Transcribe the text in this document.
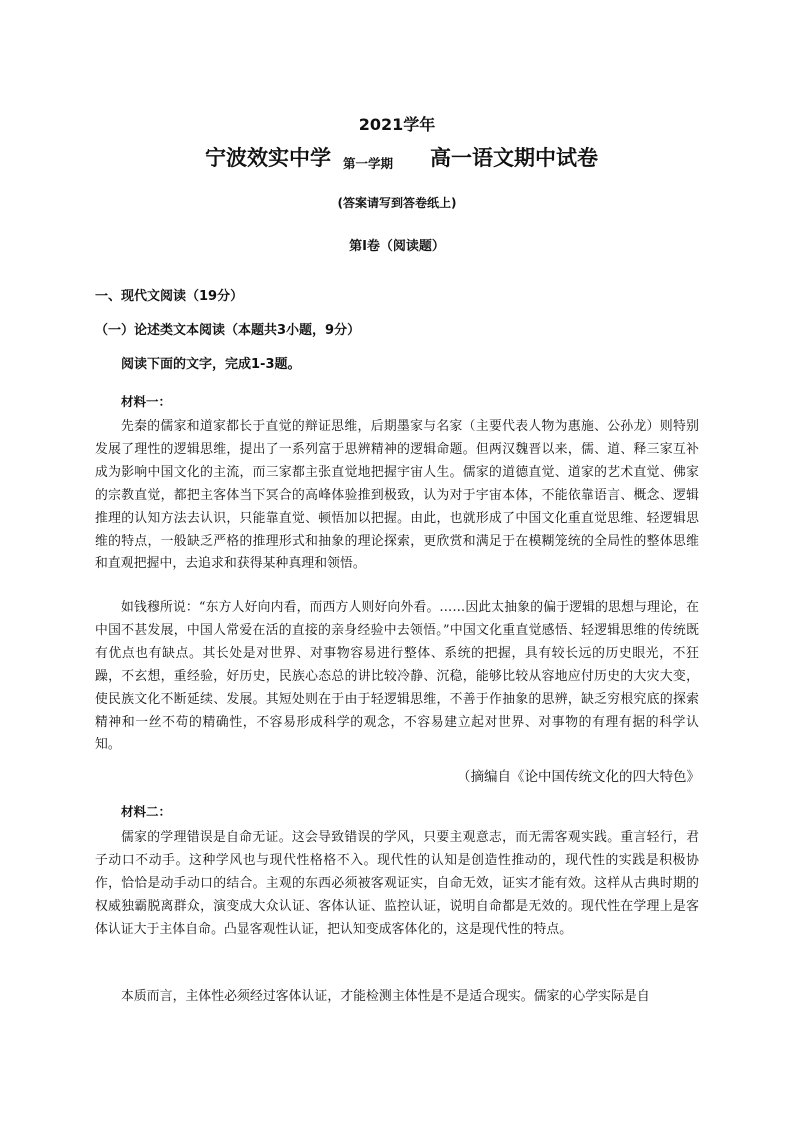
2021学年
宁波效实中学 第一学期 高一语文期中试卷
(答案请写到答卷纸上)
第Ⅰ卷（阅读题）
一、现代文阅读（19分）
（一）论述类文本阅读（本题共3小题，9分）
阅读下面的文字，完成1-3题。
材料一：

先秦的儒家和道家都长于直觉的辩证思维，后期墨家与名家（主要代表人物为惠施、公孙龙）则特别发展了理性的逻辑思维，提出了一系列富于思辨精神的逻辑命题。但两汉魏晋以来，儒、道、释三家互补成为影响中国文化的主流，而三家都主张直觉地把握宇宙人生。儒家的道德直觉、道家的艺术直觉、佛家的宗教直觉，都把主客体当下冥合的高峰体验推到极致，认为对于宇宙本体，不能依靠语言、概念、逻辑推理的认知方法去认识，只能靠直觉、顿悟加以把握。由此，也就形成了中国文化重直觉思维、轻逻辑思维的特点，一般缺乏严格的推理形式和抽象的理论探索，更欣赏和满足于在模糊笼统的全局性的整体思维和直观把握中，去追求和获得某种真理和领悟。

如钱穆所说：“东方人好向内看，而西方人则好向外看。……因此太抽象的偏于逻辑的思想与理论，在中国不甚发展，中国人常爱在活的直接的亲身经验中去领悟。”中国文化重直觉感悟、轻逻辑思维的传统既有优点也有缺点。其长处是对世界、对事物容易进行整体、系统的把握，具有较长远的历史眼光，不狂躁，不玄想，重经验，好历史，民族心态总的讲比较冷静、沉稳，能够比较从容地应付历史的大灾大变，使民族文化不断延续、发展。其短处则在于由于轻逻辑思维，不善于作抽象的思辨，缺乏穷根究底的探索精神和一丝不苟的精确性，不容易形成科学的观念，不容易建立起对世界、对事物的有理有据的科学认知。

（摘编自《论中国传统文化的四大特色》
材料二：

儒家的学理错误是自命无证。这会导致错误的学风，只要主观意志，而无需客观实践。重言轻行，君子动口不动手。这种学风也与现代性格格不入。现代性的认知是创造性推动的，现代性的实践是积极协作，恰恰是动手动口的结合。主观的东西必须被客观证实，自命无效，证实才能有效。这样从古典时期的权威独霸脱离群众，演变成大众认证、客体认证、监控认证，说明自命都是无效的。现代性在学理上是客体认证大于主体自命。凸显客观性认证，把认知变成客体化的，这是现代性的特点。

本质而言，主体性必须经过客体认证，才能检测主体性是不是适合现实。儒家的心学实际是自
